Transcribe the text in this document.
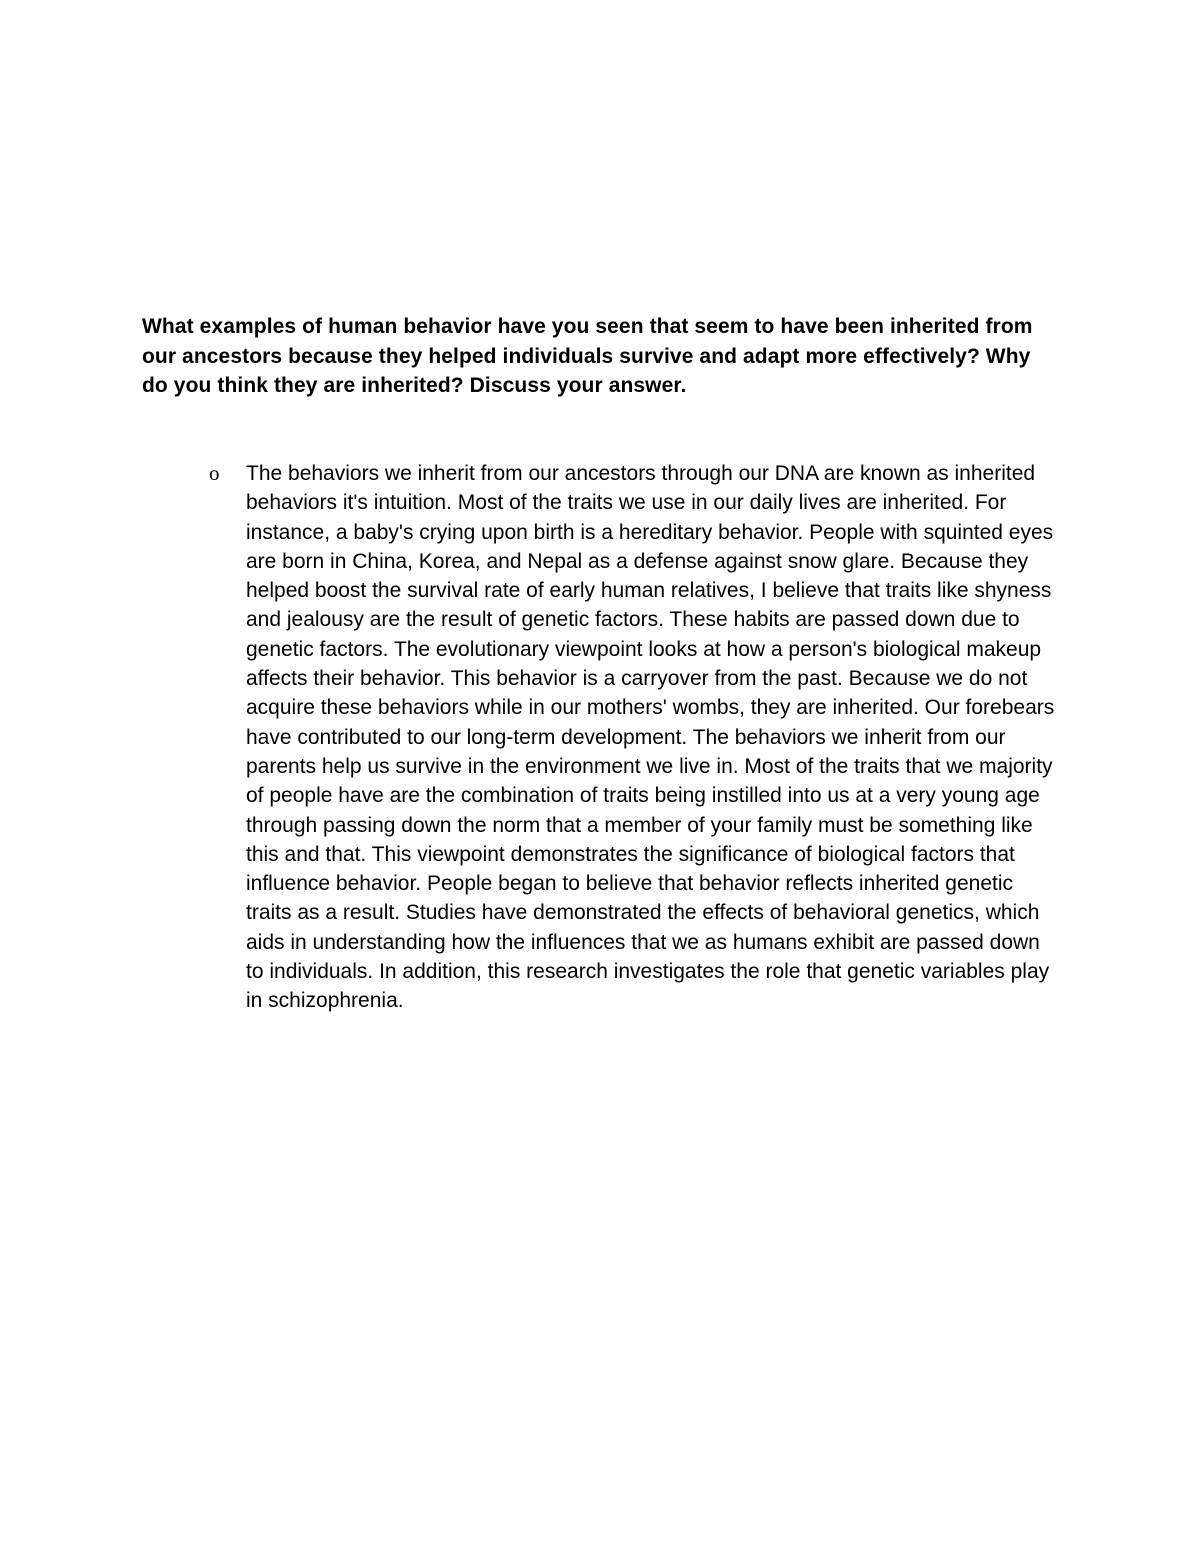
What examples of human behavior have you seen that seem to have been inherited from our ancestors because they helped individuals survive and adapt more effectively? Why do you think they are inherited? Discuss your answer.

o The behaviors we inherit from our ancestors through our DNA are known as inherited behaviors it's intuition. Most of the traits we use in our daily lives are inherited. For instance, a baby's crying upon birth is a hereditary behavior. People with squinted eyes are born in China, Korea, and Nepal as a defense against snow glare. Because they helped boost the survival rate of early human relatives, I believe that traits like shyness and jealousy are the result of genetic factors. These habits are passed down due to genetic factors. The evolutionary viewpoint looks at how a person's biological makeup affects their behavior. This behavior is a carryover from the past. Because we do not acquire these behaviors while in our mothers' wombs, they are inherited. Our forebears have contributed to our long-term development. The behaviors we inherit from our parents help us survive in the environment we live in. Most of the traits that we majority of people have are the combination of traits being instilled into us at a very young age through passing down the norm that a member of your family must be something like this and that. This viewpoint demonstrates the significance of biological factors that influence behavior. People began to believe that behavior reflects inherited genetic traits as a result. Studies have demonstrated the effects of behavioral genetics, which aids in understanding how the influences that we as humans exhibit are passed down to individuals. In addition, this research investigates the role that genetic variables play in schizophrenia.
